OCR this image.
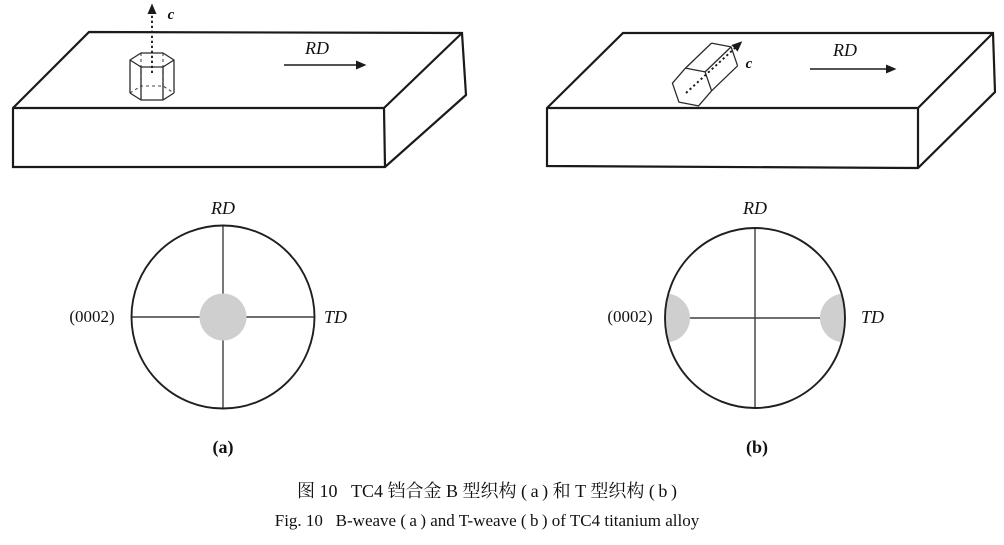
c
RD
c
RD
RD
TD
(0002)
(a)
RD
TD
(0002)
(b)
图 10   TC4 铛合金 B 型织构 ( a ) 和 T 型织构 ( b )
Fig. 10   B-weave ( a ) and T-weave ( b ) of TC4 titanium alloy
